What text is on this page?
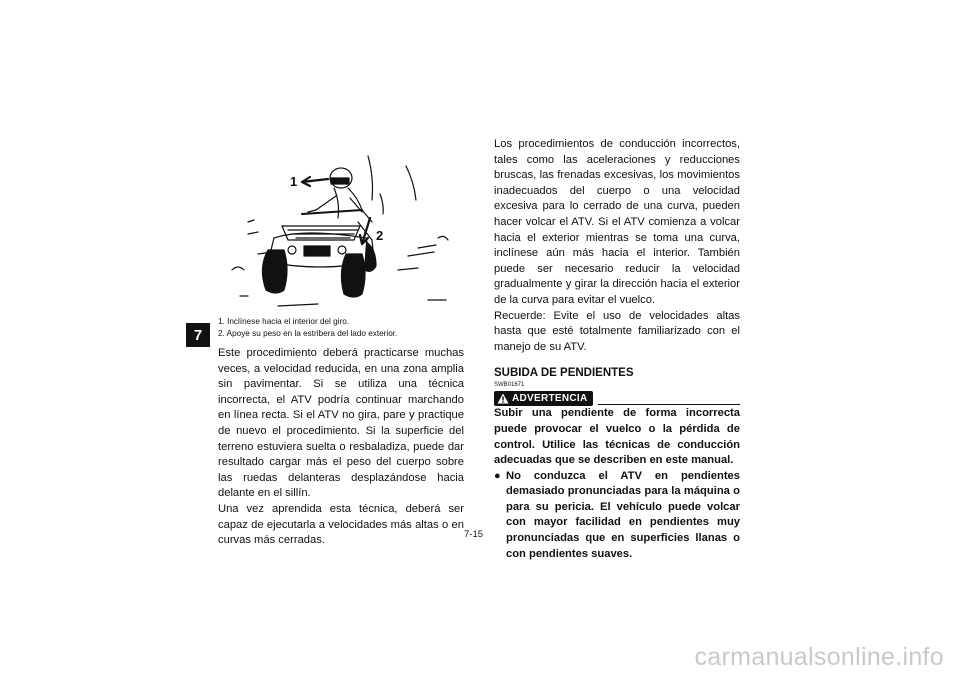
7
1
2
1. Inclínese hacia el interior del giro.
2. Apoye su peso en la estribera del lado exterior.

Este procedimiento deberá practicarse muchas veces, a velocidad reducida, en una zona amplia sin pavimentar. Si se utiliza una técnica incorrecta, el ATV podría continuar marchando en línea recta. Si el ATV no gira, pare y practique de nuevo el procedimiento. Si la superficie del terreno estuviera suelta o resbaladiza, puede dar resultado cargar más el peso del cuerpo sobre las ruedas delanteras desplazándose hacia delante en el sillín.

Una vez aprendida esta técnica, deberá ser capaz de ejecutarla a velocidades más altas o en curvas más cerradas.

Los procedimientos de conducción incorrectos, tales como las aceleraciones y reducciones bruscas, las frenadas excesivas, los movimientos inadecuados del cuerpo o una velocidad excesiva para lo cerrado de una curva, pueden hacer volcar el ATV. Si el ATV comienza a volcar hacia el exterior mientras se toma una curva, inclínese aún más hacia el interior. También puede ser necesario reducir la velocidad gradualmente y girar la dirección hacia el exterior de la curva para evitar el vuelco.

Recuerde: Evite el uso de velocidades altas hasta que esté totalmente familiarizado con el manejo de su ATV.

SUBIDA DE PENDIENTES
SWB01671
ADVERTENCIA

Subir una pendiente de forma incorrecta puede provocar el vuelco o la pérdida de control. Utilice las técnicas de conducción adecuadas que se describen en este manual.

● No conduzca el ATV en pendientes demasiado pronunciadas para la máquina o para su pericia. El vehículo puede volcar con mayor facilidad en pendientes muy pronunciadas que en superficies llanas o con pendientes suaves.
7-15
carmanualsonline.info
